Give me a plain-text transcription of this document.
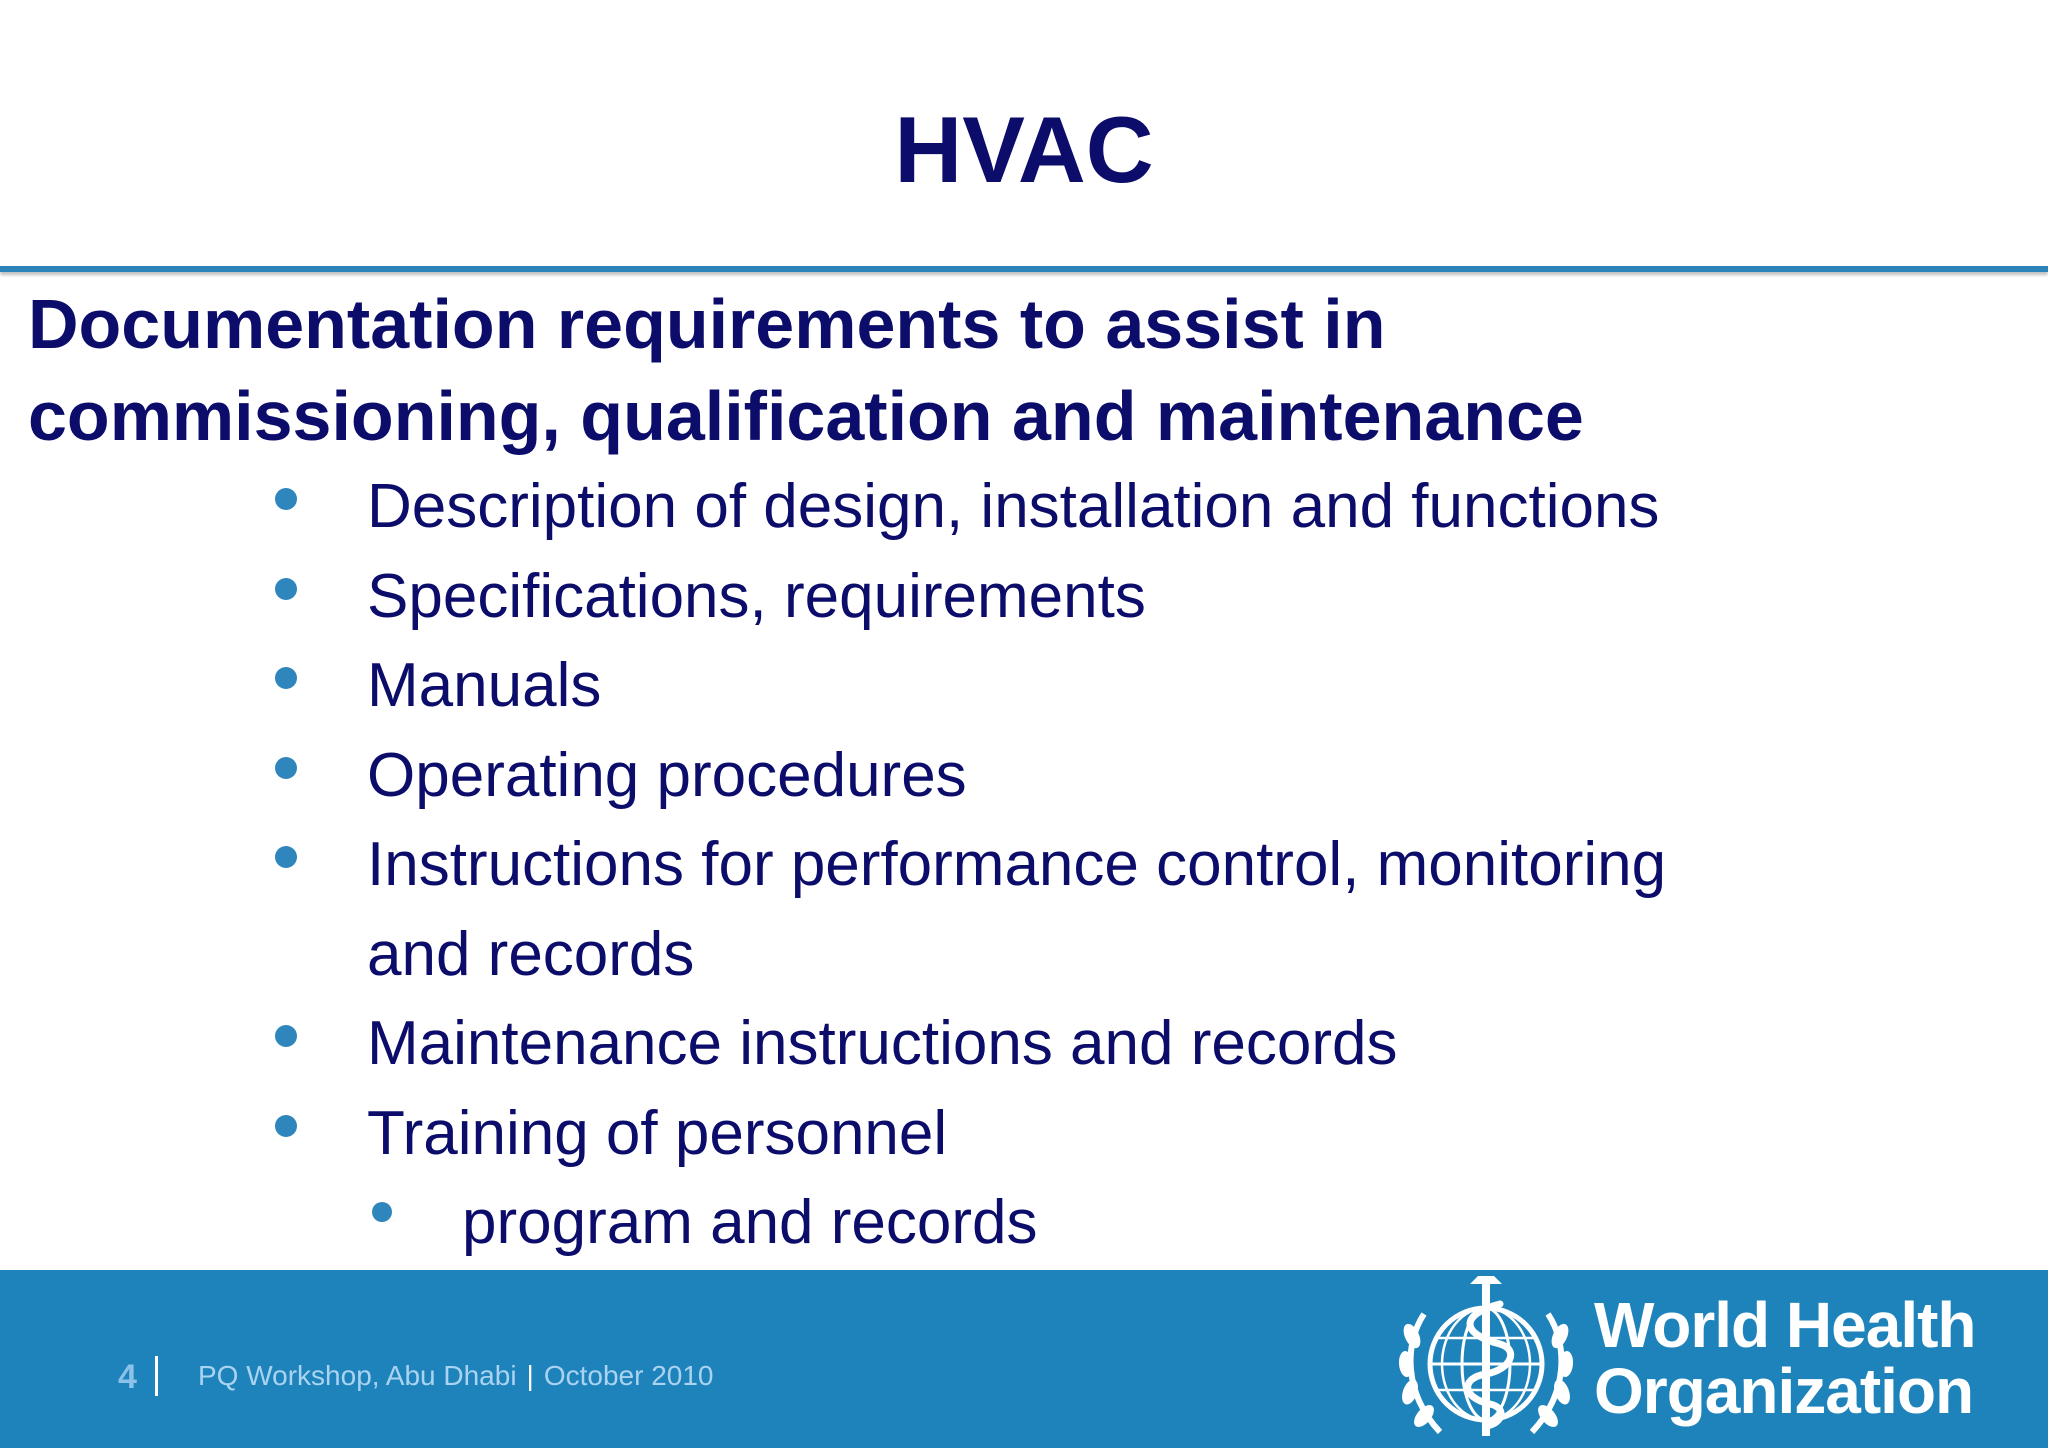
HVAC
Documentation requirements to assist in
commissioning, qualification and maintenance
Description of design, installation and functions
Specifications, requirements
Manuals
Operating procedures
Instructions for performance control, monitoring
and records
Maintenance instructions and records
Training of personnel
program and records
4 PQ Workshop, Abu Dhabi | October 2010
World Health
Organization
